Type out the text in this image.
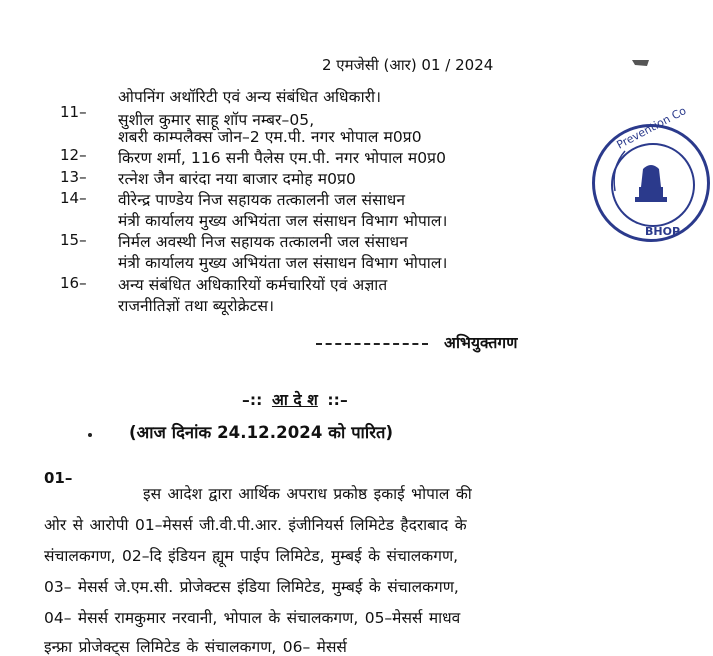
2 एमजेसी (आर) 01 / 2024
ओपनिंग अथॉरिटी एवं अन्य संबंधित अधिकारी।
11– सुशील कुमार साहू शॉप नम्बर–05,
शबरी काम्पलैक्स जोन–2 एम.पी. नगर भोपाल म0प्र0
12– किरण शर्मा, 116 सनी पैलेस एम.पी. नगर भोपाल म0प्र0
13– रत्नेश जैन बारंदा नया बाजार दमोह म0प्र0
14– वीरेन्द्र पाण्डेय निज सहायक तत्कालनी जल संसाधन
मंत्री कार्यालय मुख्य अभियंता जल संसाधन विभाग भोपाल।
15– निर्मल अवस्थी निज सहायक तत्कालनी जल संसाधन
मंत्री कार्यालय मुख्य अभियंता जल संसाधन विभाग भोपाल।
16– अन्य संबंधित अधिकारियों कर्मचारियों एवं अज्ञात
राजनीतिज्ञों तथा ब्यूरोक्रेटस।
अभियुक्तगण
–:: आ दे श ::–
(आज दिनांक 24.12.2024 को पारित)
01–
इस आदेश द्वारा आर्थिक अपराध प्रकोष्ठ इकाई भोपाल की
ओर से आरोपी 01–मेसर्स जी.वी.पी.आर. इंजीनियर्स लिमिटेड हैदराबाद के
संचालकगण, 02–दि इंडियन ह्यूम पाईप लिमिटेड, मुम्बई के संचालकगण,
03– मेसर्स जे.एम.सी. प्रोजेक्टस इंडिया लिमिटेड, मुम्बई के संचालकगण,
04– मेसर्स रामकुमार नरवानी, भोपाल के संचालकगण, 05–मेसर्स माधव
इन्फ्रा प्रोजेक्ट्स लिमिटेड के संचालकगण, 06– मेसर्स
Prevention Co
BHOP
